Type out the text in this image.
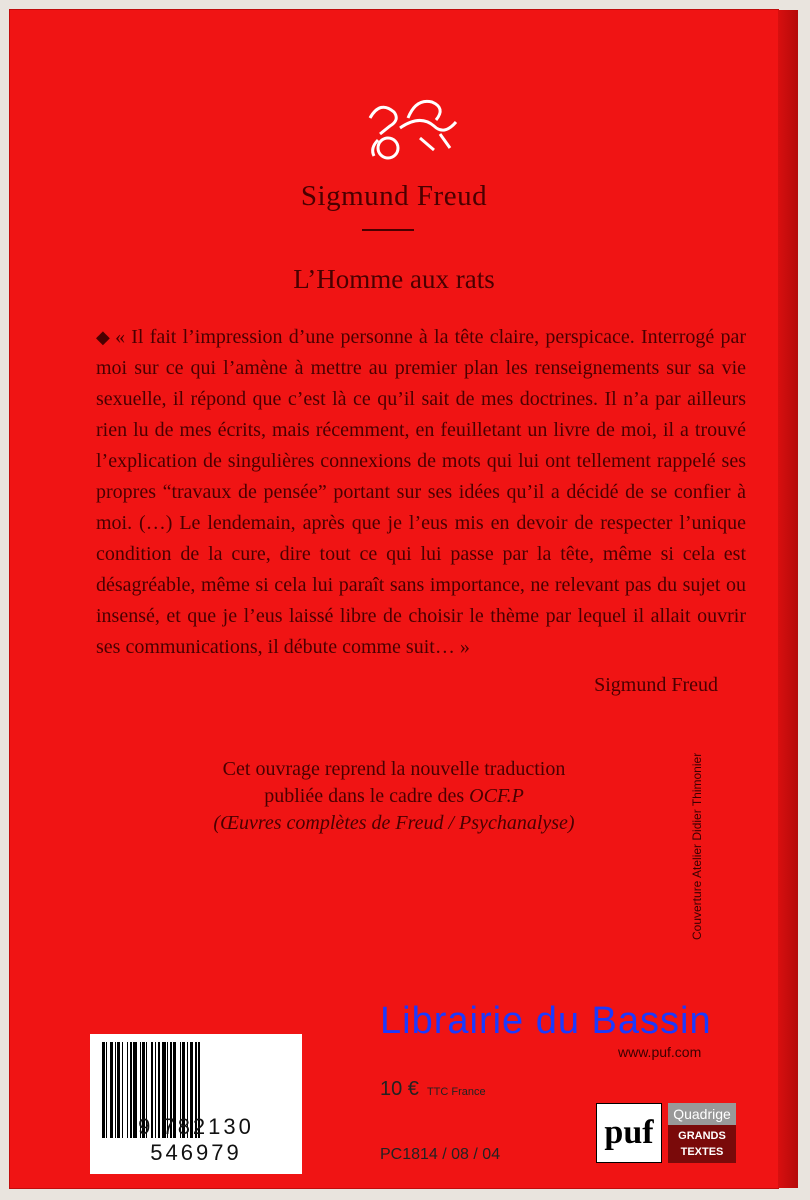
Sigmund Freud
L’Homme aux rats
◆ « Il fait l’impression d’une personne à la tête claire, perspicace. Interrogé par moi sur ce qui l’amène à mettre au premier plan les renseignements sur sa vie sexuelle, il répond que c’est là ce qu’il sait de mes doctrines. Il n’a par ailleurs rien lu de mes écrits, mais récemment, en feuilletant un livre de moi, il a trouvé l’explication de singulières connexions de mots qui lui ont tellement rappelé ses propres “travaux de pensée” portant sur ses idées qu’il a décidé de se confier à moi. (…) Le lendemain, après que je l’eus mis en devoir de respecter l’unique condition de la cure, dire tout ce qui lui passe par la tête, même si cela est désagréable, même si cela lui paraît sans importance, ne relevant pas du sujet ou insensé, et que je l’eus laissé libre de choisir le thème par lequel il allait ouvrir ses communications, il débute comme suit… »
Sigmund Freud
Cet ouvrage reprend la nouvelle traduction
publiée dans le cadre des OCF.P
(Œuvres complètes de Freud / Psychanalyse)	Couverture Atelier Didier Thimonier
www.puf.com
9 782130 546979
10 € TTC France
PC1814 / 08 / 04
puf	Quadrige
GRANDS
TEXTES
Librairie du Bassin
